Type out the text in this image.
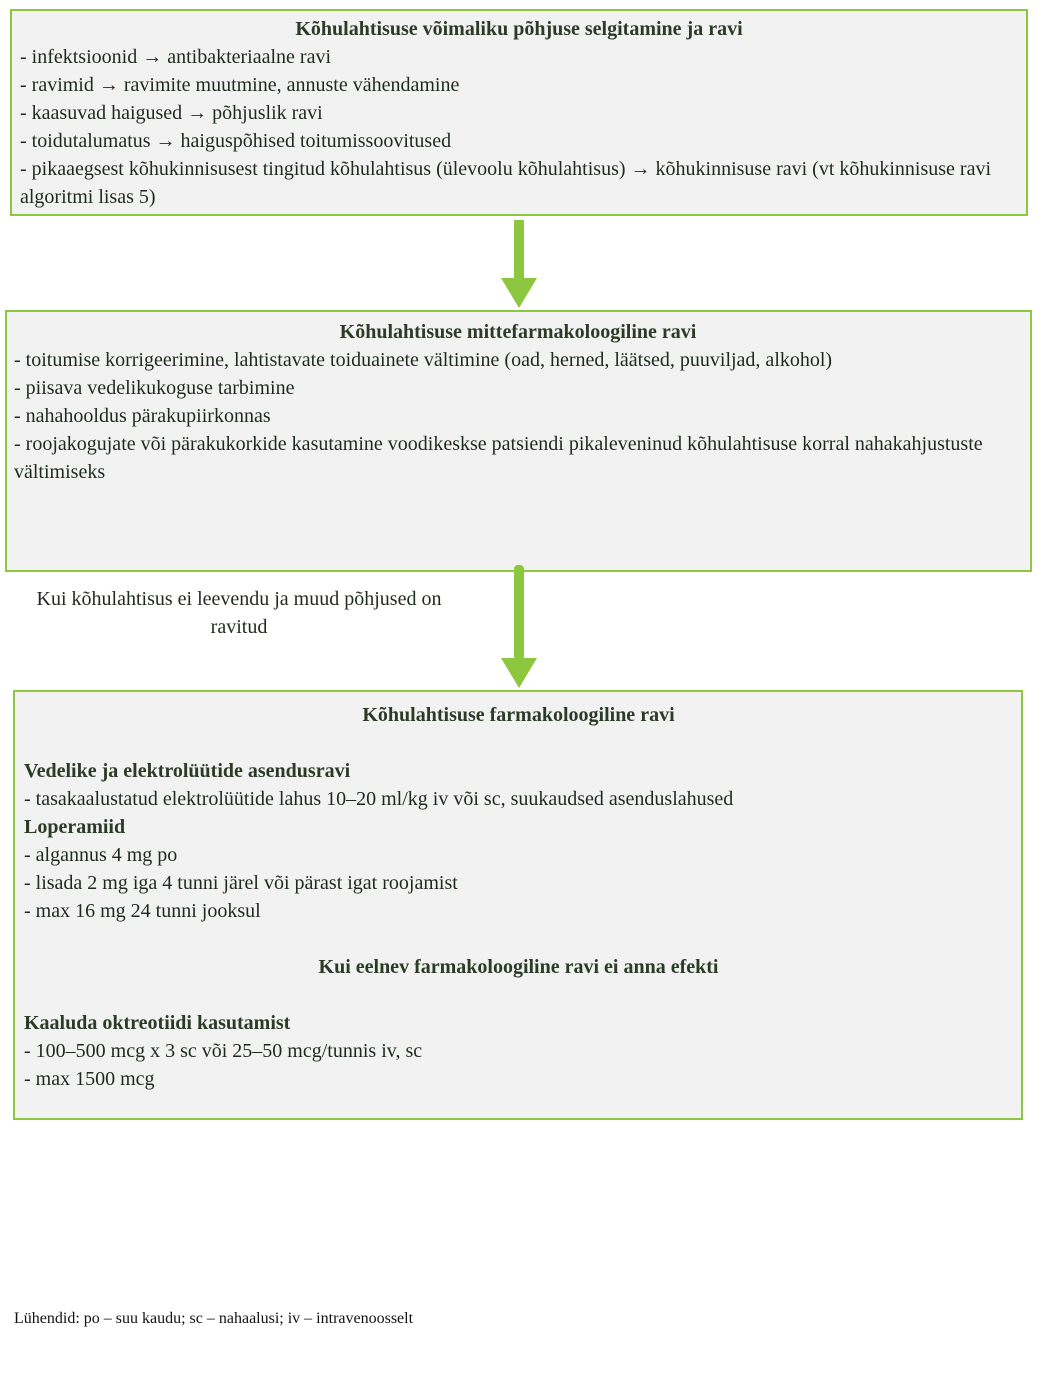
Kõhulahtisuse võimaliku põhjuse selgitamine ja ravi
- infektsioonid → antibakteriaalne ravi
- ravimid → ravimite muutmine, annuste vähendamine
- kaasuvad haigused → põhjuslik ravi
- toidutalumatus → haiguspõhised toitumissoovitused
- pikaaegsest kõhukinnisusest tingitud kõhulahtisus (ülevoolu kõhulahtisus) → kõhukinnisuse ravi (vt kõhukinnisuse ravi algoritmi lisas 5)
Kõhulahtisuse mittefarmakoloogiline ravi
- toitumise korrigeerimine, lahtistavate toiduainete vältimine (oad, herned, läätsed, puuviljad, alkohol)
- piisava vedelikukoguse tarbimine
- nahahooldus pärakupiirkonnas
- roojakogujate või pärakukorkide kasutamine voodikeskse patsiendi pikaleveninud kõhulahtisuse korral nahakahjustuste vältimiseks
Kui kõhulahtisus ei leevendu ja muud põhjused on ravitud
Kõhulahtisuse farmakoloogiline ravi
Vedelike ja elektrolüütide asendusravi
- tasakaalustatud elektrolüütide lahus 10–20 ml/kg iv või sc, suukaudsed asenduslahused
Loperamiid
- algannus 4 mg po
- lisada 2 mg iga 4 tunni järel või pärast igat roojamist
- max 16 mg 24 tunni jooksul
Kui eelnev farmakoloogiline ravi ei anna efekti
Kaaluda oktreotiidi kasutamist
- 100–500 mcg x 3 sc või 25–50 mcg/tunnis iv, sc
- max 1500 mcg
Lühendid: po – suu kaudu; sc – nahaalusi; iv – intravenoosselt
